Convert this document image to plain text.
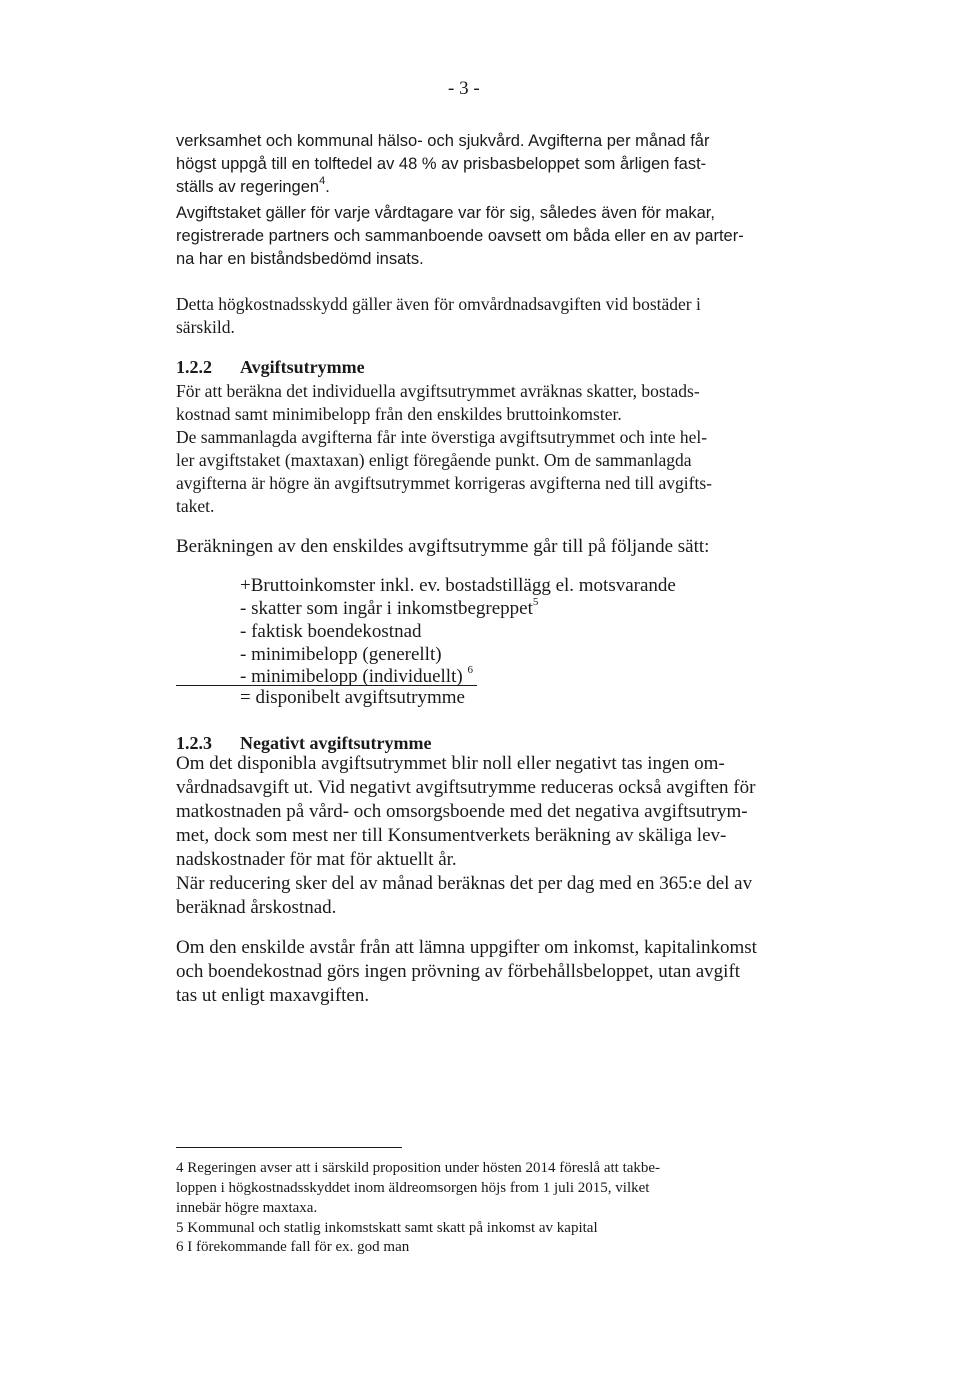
- 3 -
verksamhet och kommunal hälso- och sjukvård. Avgifterna per månad får
högst uppgå till en tolftedel av 48 % av prisbasbeloppet som årligen fast-
ställs av regeringen$^4$.
Avgiftstaket gäller för varje vårdtagare var för sig, således även för makar,
registrerade partners och sammanboende oavsett om båda eller en av parter-
na har en biståndsbedömd insats.
Detta högkostnadsskydd gäller även för omvårdnadsavgiften vid bostäder i
särskild.
1.2.2 Avgiftsutrymme
För att beräkna det individuella avgiftsutrymmet avräknas skatter, bostads-
kostnad samt minimibelopp från den enskildes bruttoinkomster.
De sammanlagda avgifterna får inte överstiga avgiftsutrymmet och inte hel-
ler avgiftstaket (maxtaxan) enligt föregående punkt. Om de sammanlagda
avgifterna är högre än avgiftsutrymmet korrigeras avgifterna ned till avgifts-
taket.
Beräkningen av den enskildes avgiftsutrymme går till på följande sätt:
+Bruttoinkomster inkl. ev. bostadstillägg el. motsvarande
- skatter som ingår i inkomstbegreppet$^5$
- faktisk boendekostnad
- minimibelopp (generellt)
- minimibelopp (individuellt) $^6$
= disponibelt avgiftsutrymme
1.2.3 Negativt avgiftsutrymme
Om det disponibla avgiftsutrymmet blir noll eller negativt tas ingen om-
vårdnadsavgift ut. Vid negativt avgiftsutrymme reduceras också avgiften för
matkostnaden på vård- och omsorgsboende med det negativa avgiftsutrym-
met, dock som mest ner till Konsumentverkets beräkning av skäliga lev-
nadskostnader för mat för aktuellt år.
När reducering sker del av månad beräknas det per dag med en 365:e del av
beräknad årskostnad.
Om den enskilde avstår från att lämna uppgifter om inkomst, kapitalinkomst
och boendekostnad görs ingen prövning av förbehållsbeloppet, utan avgift
tas ut enligt maxavgiften.
4 Regeringen avser att i särskild proposition under hösten 2014 föreslå att takbe-
loppen i högkostnadsskyddet inom äldreomsorgen höjs from 1 juli 2015, vilket
innebär högre maxtaxa.
5 Kommunal och statlig inkomstskatt samt skatt på inkomst av kapital
6 I förekommande fall för ex. god man
